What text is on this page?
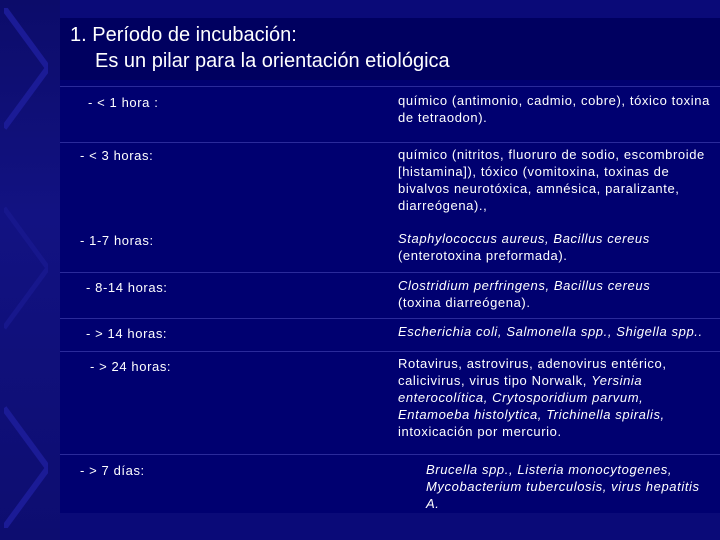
1. Período de incubación:
Es un pilar para la orientación etiológica
- < 1 hora :	químico (antimonio, cadmio, cobre), tóxico toxina de tetraodon).
- < 3 horas:	químico (nitritos, fluoruro de sodio, escombroide [histamina]), tóxico (vomitoxina, toxinas de bivalvos neurotóxica, amnésica, paralizante, diarreógena).,
- 1-7 horas:	Staphylococcus aureus, Bacillus cereus
(enterotoxina preformada).
- 8-14 horas:	Clostridium perfringens, Bacillus cereus
(toxina diarreógena).
- > 14 horas:	Escherichia coli, Salmonella spp., Shigella spp..
- > 24 horas:	Rotavirus, astrovirus, adenovirus entérico, calicivirus, virus tipo Norwalk, Yersinia enterocolítica, Crytosporidium parvum, Entamoeba histolytica, Trichinella spiralis, intoxicación por mercurio.
- > 7 días:	Brucella spp., Listeria monocytogenes, Mycobacterium tuberculosis, virus hepatitis A.
